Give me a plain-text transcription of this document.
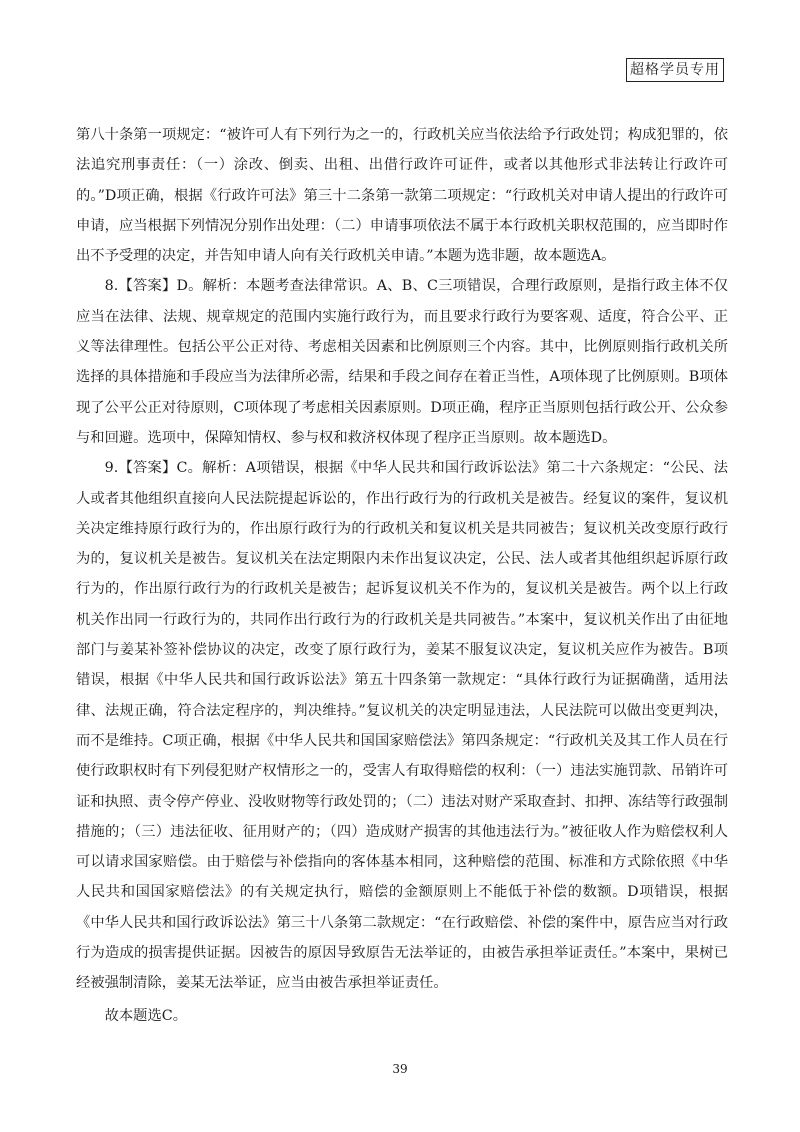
超格学员专用

第八十条第一项规定：“被许可人有下列行为之一的，行政机关应当依法给予行政处罚；构成犯罪的，依法追究刑事责任：（一）涂改、倒卖、出租、出借行政许可证件，或者以其他形式非法转让行政许可的。”D项正确，根据《行政许可法》第三十二条第一款第二项规定：“行政机关对申请人提出的行政许可申请，应当根据下列情况分别作出处理：（二）申请事项依法不属于本行政机关职权范围的，应当即时作出不予受理的决定，并告知申请人向有关行政机关申请。”本题为选非题，故本题选A。

8.【答案】D。解析：本题考查法律常识。A、B、C三项错误，合理行政原则，是指行政主体不仅应当在法律、法规、规章规定的范围内实施行政行为，而且要求行政行为要客观、适度，符合公平、正义等法律理性。包括公平公正对待、考虑相关因素和比例原则三个内容。其中，比例原则指行政机关所选择的具体措施和手段应当为法律所必需，结果和手段之间存在着正当性，A项体现了比例原则。B项体现了公平公正对待原则，C项体现了考虑相关因素原则。D项正确，程序正当原则包括行政公开、公众参与和回避。选项中，保障知情权、参与权和救济权体现了程序正当原则。故本题选D。

9.【答案】C。解析：A项错误，根据《中华人民共和国行政诉讼法》第二十六条规定：“公民、法人或者其他组织直接向人民法院提起诉讼的，作出行政行为的行政机关是被告。经复议的案件，复议机关决定维持原行政行为的，作出原行政行为的行政机关和复议机关是共同被告；复议机关改变原行政行为的，复议机关是被告。复议机关在法定期限内未作出复议决定，公民、法人或者其他组织起诉原行政行为的，作出原行政行为的行政机关是被告；起诉复议机关不作为的，复议机关是被告。两个以上行政机关作出同一行政行为的，共同作出行政行为的行政机关是共同被告。”本案中，复议机关作出了由征地部门与姜某补签补偿协议的决定，改变了原行政行为，姜某不服复议决定，复议机关应作为被告。B项错误，根据《中华人民共和国行政诉讼法》第五十四条第一款规定：“具体行政行为证据确凿，适用法律、法规正确，符合法定程序的，判决维持。”复议机关的决定明显违法，人民法院可以做出变更判决，而不是维持。C项正确，根据《中华人民共和国国家赔偿法》第四条规定：“行政机关及其工作人员在行使行政职权时有下列侵犯财产权情形之一的，受害人有取得赔偿的权利：（一）违法实施罚款、吊销许可证和执照、责令停产停业、没收财物等行政处罚的；（二）违法对财产采取查封、扣押、冻结等行政强制措施的；（三）违法征收、征用财产的；（四）造成财产损害的其他违法行为。”被征收人作为赔偿权利人可以请求国家赔偿。由于赔偿与补偿指向的客体基本相同，这种赔偿的范围、标准和方式除依照《中华人民共和国国家赔偿法》的有关规定执行，赔偿的金额原则上不能低于补偿的数额。D项错误，根据《中华人民共和国行政诉讼法》第三十八条第二款规定：“在行政赔偿、补偿的案件中，原告应当对行政行为造成的损害提供证据。因被告的原因导致原告无法举证的，由被告承担举证责任。”本案中，果树已经被强制清除，姜某无法举证，应当由被告承担举证责任。

故本题选C。

39
